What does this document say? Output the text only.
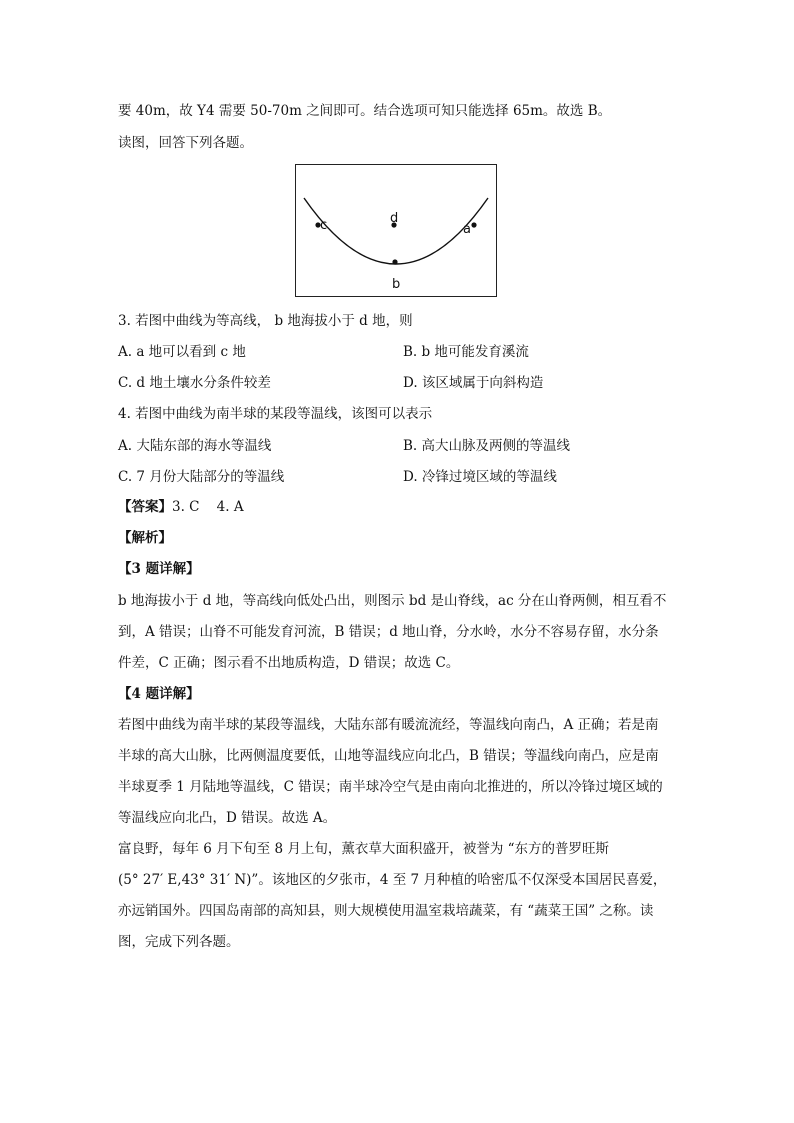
要 40m，故 Y4 需要 50-70m 之间即可。结合选项可知只能选择 65m。故选 B。
读图，回答下列各题。
c	d
a
b
3. 若图中曲线为等高线， b 地海拔小于 d 地，则
A. a 地可以看到 c 地	B. b 地可能发育溪流
C. d 地土壤水分条件较差	D. 该区域属于向斜构造
4. 若图中曲线为南半球的某段等温线，该图可以表示
A. 大陆东部的海水等温线	B. 高大山脉及两侧的等温线
C. 7 月份大陆部分的等温线	D. 冷锋过境区域的等温线
【答案】3. C    4. A
【解析】
【3 题详解】
b 地海拔小于 d 地，等高线向低处凸出，则图示 bd 是山脊线，ac 分在山脊两侧，相互看不
到，A 错误；山脊不可能发育河流，B 错误；d 地山脊，分水岭，水分不容易存留，水分条
件差，C 正确；图示看不出地质构造，D 错误；故选 C。
【4 题详解】
若图中曲线为南半球的某段等温线，大陆东部有暖流流经，等温线向南凸，A 正确；若是南
半球的高大山脉，比两侧温度要低，山地等温线应向北凸，B 错误；等温线向南凸，应是南
半球夏季 1 月陆地等温线，C 错误；南半球冷空气是由南向北推进的，所以冷锋过境区域的
等温线应向北凸，D 错误。故选 A。
富良野，每年 6 月下旬至 8 月上旬，薰衣草大面积盛开，被誉为 “东方的普罗旺斯
(5° 27′ E,43° 31′ N)”。该地区的夕张市，4 至 7 月种植的哈密瓜不仅深受本国居民喜爱，
亦远销国外。四国岛南部的高知县，则大规模使用温室栽培蔬菜，有 “蔬菜王国” 之称。读
图，完成下列各题。
